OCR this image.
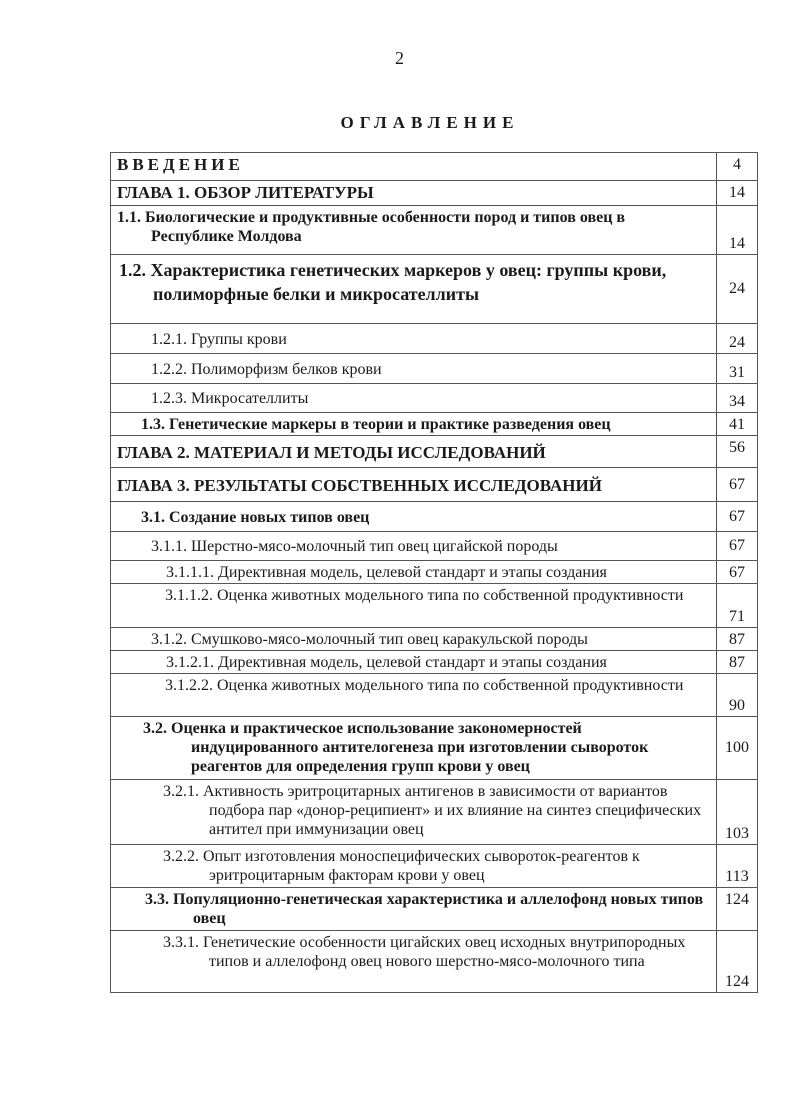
2
ОГЛАВЛЕНИЕ
ВВЕДЕНИЕ	4
ГЛАВА 1. ОБЗОР ЛИТЕРАТУРЫ	14
1.1. Биологические и продуктивные особенности пород и типов овец в Республике Молдова	14
1.2. Характеристика генетических маркеров у овец: группы крови, полиморфные белки и микросателлиты	24
1.2.1. Группы крови	24
1.2.2. Полиморфизм белков крови	31
1.2.3. Микросателлиты	34
1.3. Генетические маркеры в теории и практике разведения овец	41
ГЛАВА 2. МАТЕРИАЛ И МЕТОДЫ ИССЛЕДОВАНИЙ	56
ГЛАВА 3. РЕЗУЛЬТАТЫ СОБСТВЕННЫХ ИССЛЕДОВАНИЙ	67
3.1. Создание новых типов овец	67
3.1.1. Шерстно-мясо-молочный тип овец цигайской породы	67
3.1.1.1. Директивная модель, целевой стандарт и этапы создания	67
3.1.1.2. Оценка животных модельного типа по собственной продуктивности	71
3.1.2. Смушково-мясо-молочный тип овец каракульской породы	87
3.1.2.1. Директивная модель, целевой стандарт и этапы создания	87
3.1.2.2. Оценка животных модельного типа по собственной продуктивности	90
3.2. Оценка и практическое использование закономерностей индуцированного антителогенеза при изготовлении сывороток реагентов для определения групп крови у овец	100
3.2.1. Активность эритроцитарных антигенов в зависимости от вариантов подбора пар «донор-реципиент» и их влияние на синтез специфических антител при иммунизации овец	103
3.2.2. Опыт изготовления моноспецифических сывороток-реагентов к эритроцитарным факторам крови у овец	113
3.3. Популяционно-генетическая характеристика и аллелофонд новых типов овец	124
3.3.1. Генетические особенности цигайских овец исходных внутрипородных типов и аллелофонд овец нового шерстно-мясо-молочного типа	124
